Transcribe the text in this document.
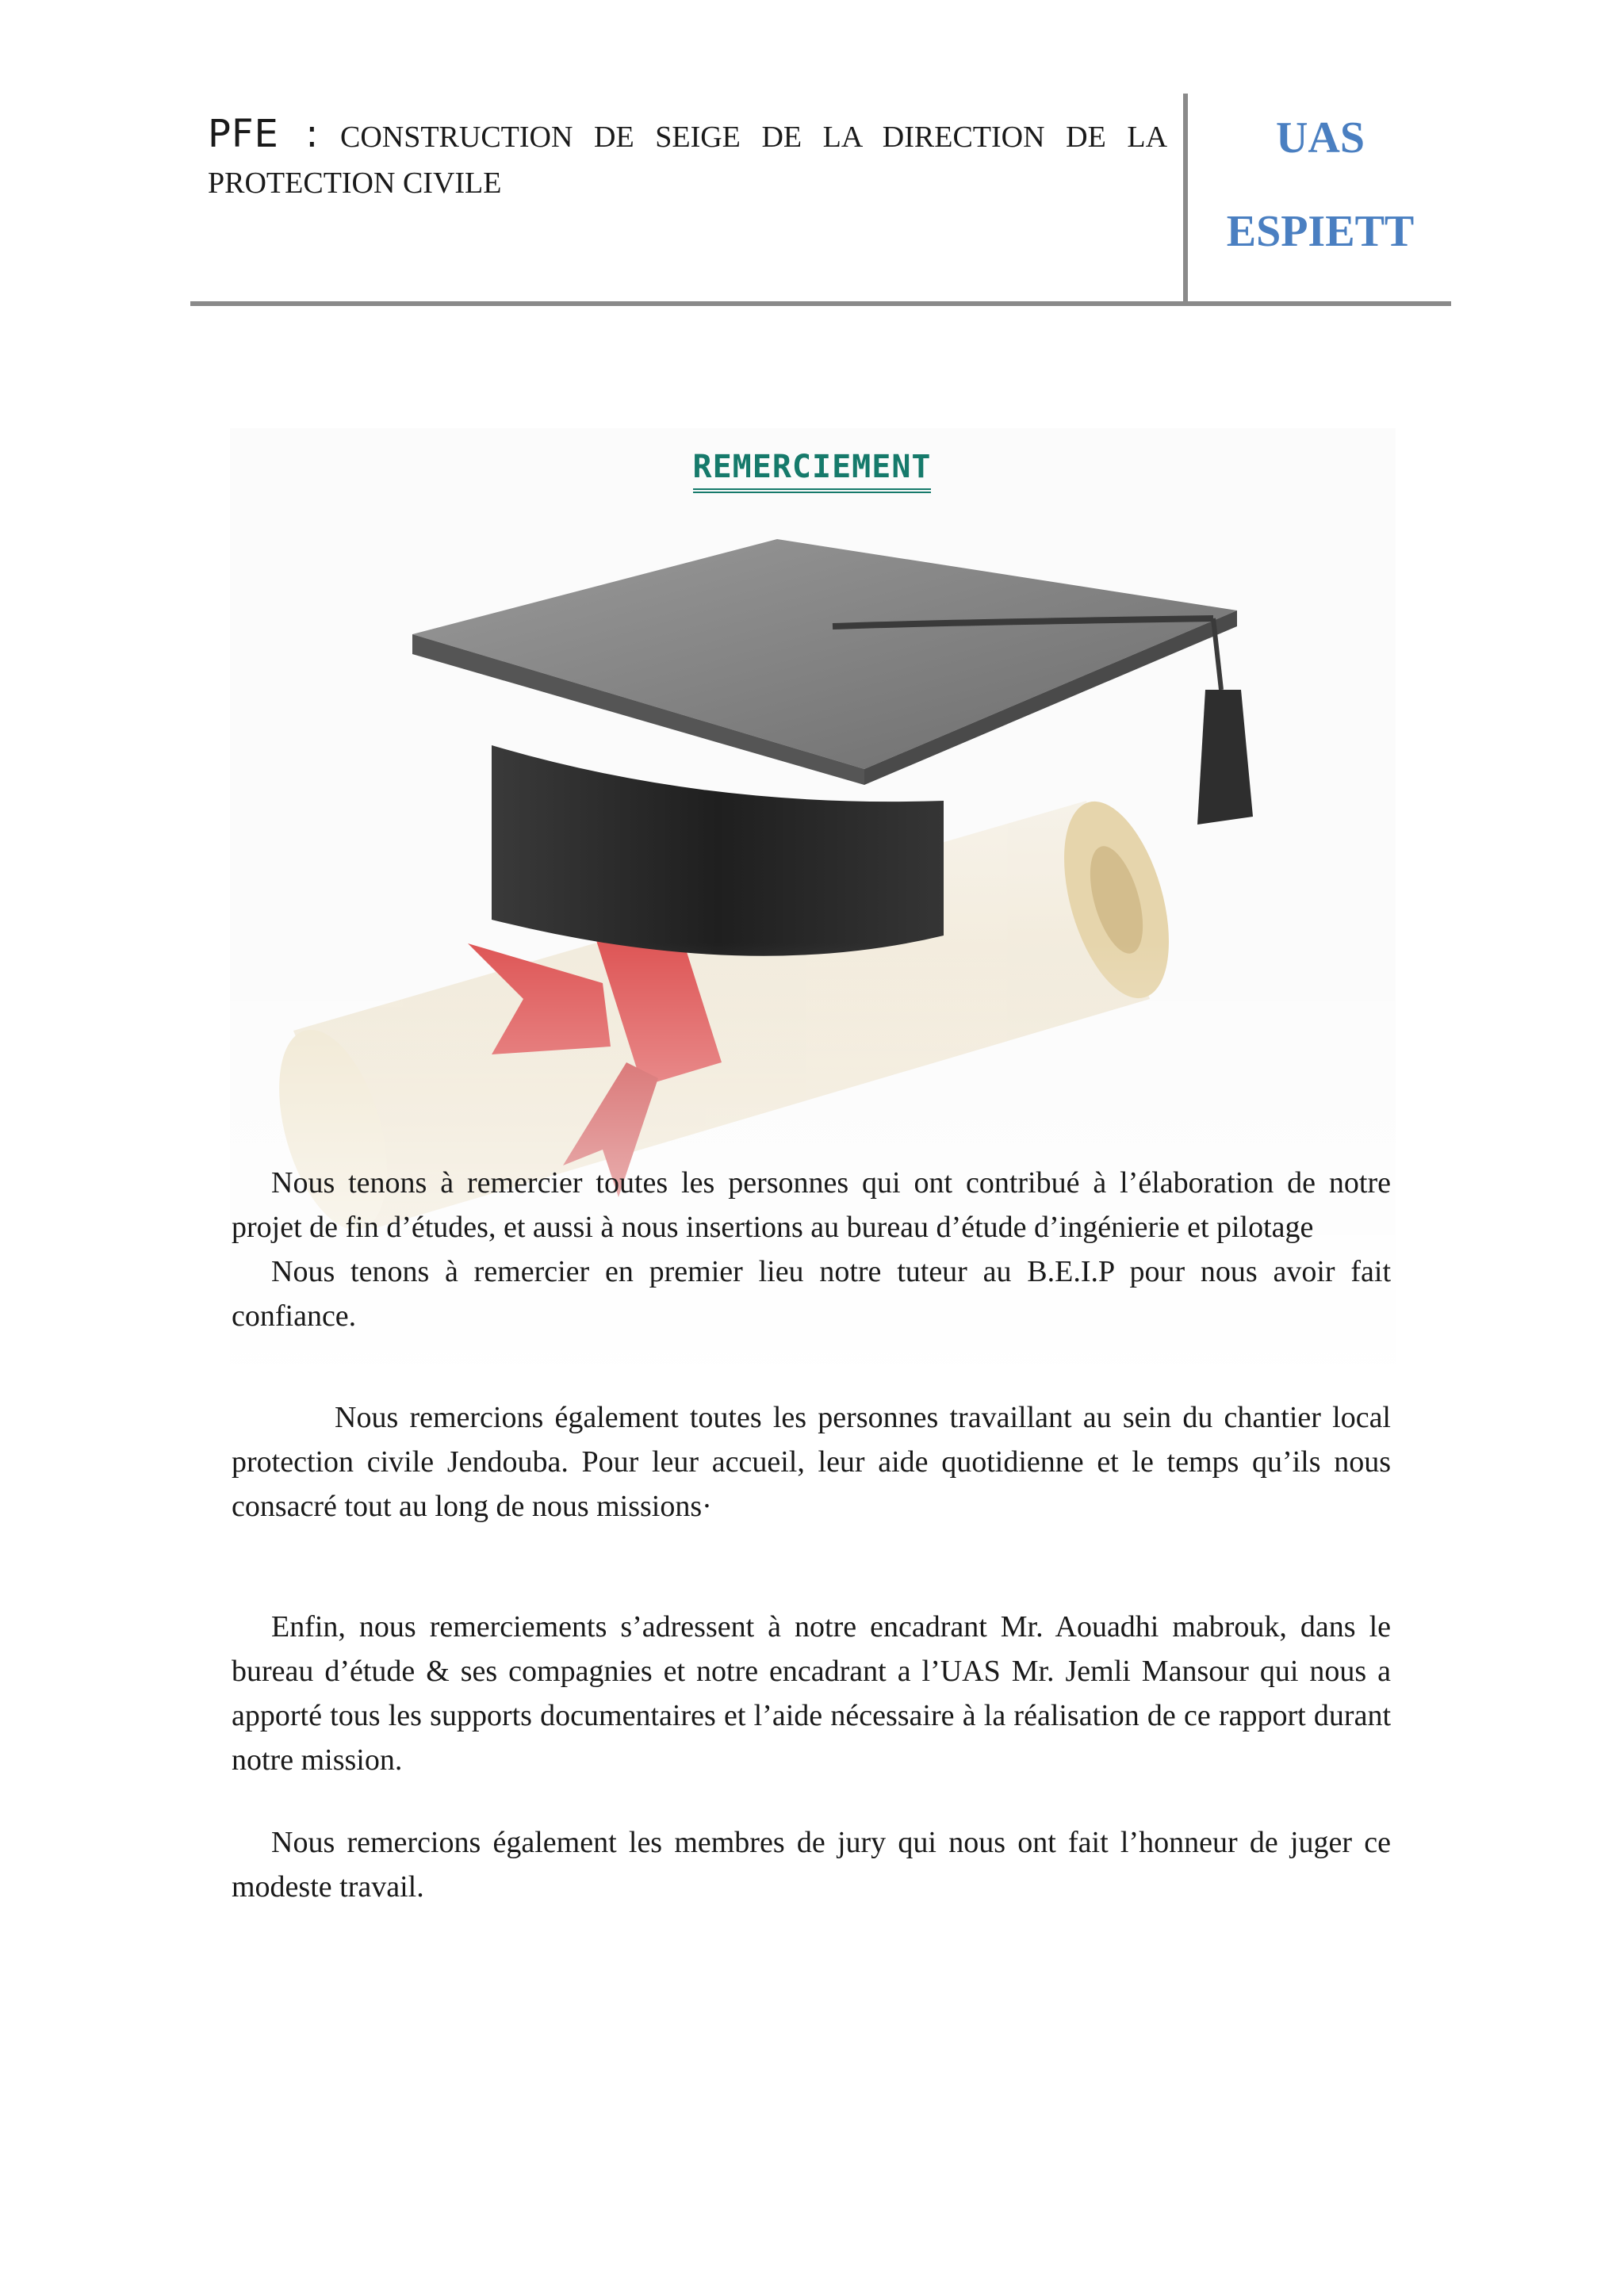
PFE : CONSTRUCTION DE SEIGE DE LA DIRECTION DE LA PROTECTION CIVILE
UAS
ESPIETT
REMERCIEMENT

Nous tenons à remercier toutes les personnes qui ont contribué à l’élaboration de notre projet de fin d’études, et aussi à nous insertions au bureau d’étude d’ingénierie et pilotage

Nous tenons à remercier en premier lieu notre tuteur au B.E.I.P pour nous avoir fait confiance.

Nous remercions également toutes les personnes travaillant au sein du chantier local protection civile Jendouba. Pour leur accueil, leur aide quotidienne et le temps qu’ils nous consacré tout au long de nous missions·

Enfin, nous remerciements s’adressent à notre encadrant Mr. Aouadhi mabrouk, dans le bureau d’étude & ses compagnies et notre encadrant a l’UAS Mr. Jemli Mansour qui nous a apporté tous les supports documentaires et l’aide nécessaire à la réalisation de ce rapport durant notre mission.

Nous remercions également les membres de jury qui nous ont fait l’honneur de juger ce modeste travail.
